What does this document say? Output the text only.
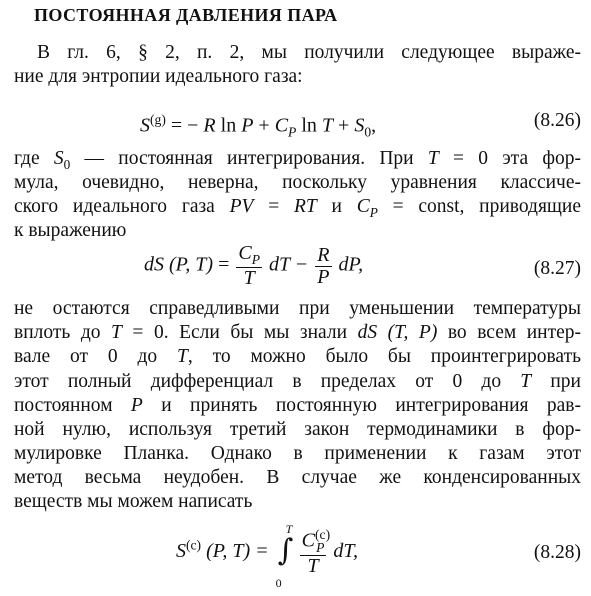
ПОСТОЯННАЯ ДАВЛЕНИЯ ПАРА
В гл. 6, § 2, п. 2, мы получили следующее выраже-
ние для энтропии идеального газа:
$S^{(g)}$ = − R $\ln P + C_P$ $\ln T + S_0$,	(8.26)
где $S_0$ — постоянная интегрирования. При T = 0 эта фор-
мула, очевидно, неверна, поскольку уравнения классиче-
ского идеального газа PV = RT и $C_P$ = const, приводящие
к выражению
dS (P, $T) = \frac{C_P}{T}$ dT − $\frac{R}{P}$ dP,	(8.27)
не остаются справедливыми при уменьшении температуры
вплоть до T = 0. Если бы мы знали dS (T, P) во всем интер-
вале от 0 до T, то можно было бы проинтегрировать
этот полный дифференциал в пределах от 0 до T при
постоянном P и принять постоянную интегрирования рав-
ной нулю, используя третий закон термодинамики в фор-
мулировке Планка. Однако в применении к газам этот
метод весьма неудобен. В случае же конденсированных
веществ мы можем написать
$S^{(c)}$ (P, T) = ∫
T
0
$\frac{C^{(c)}_P}{T}$ dT,	(8.28)
